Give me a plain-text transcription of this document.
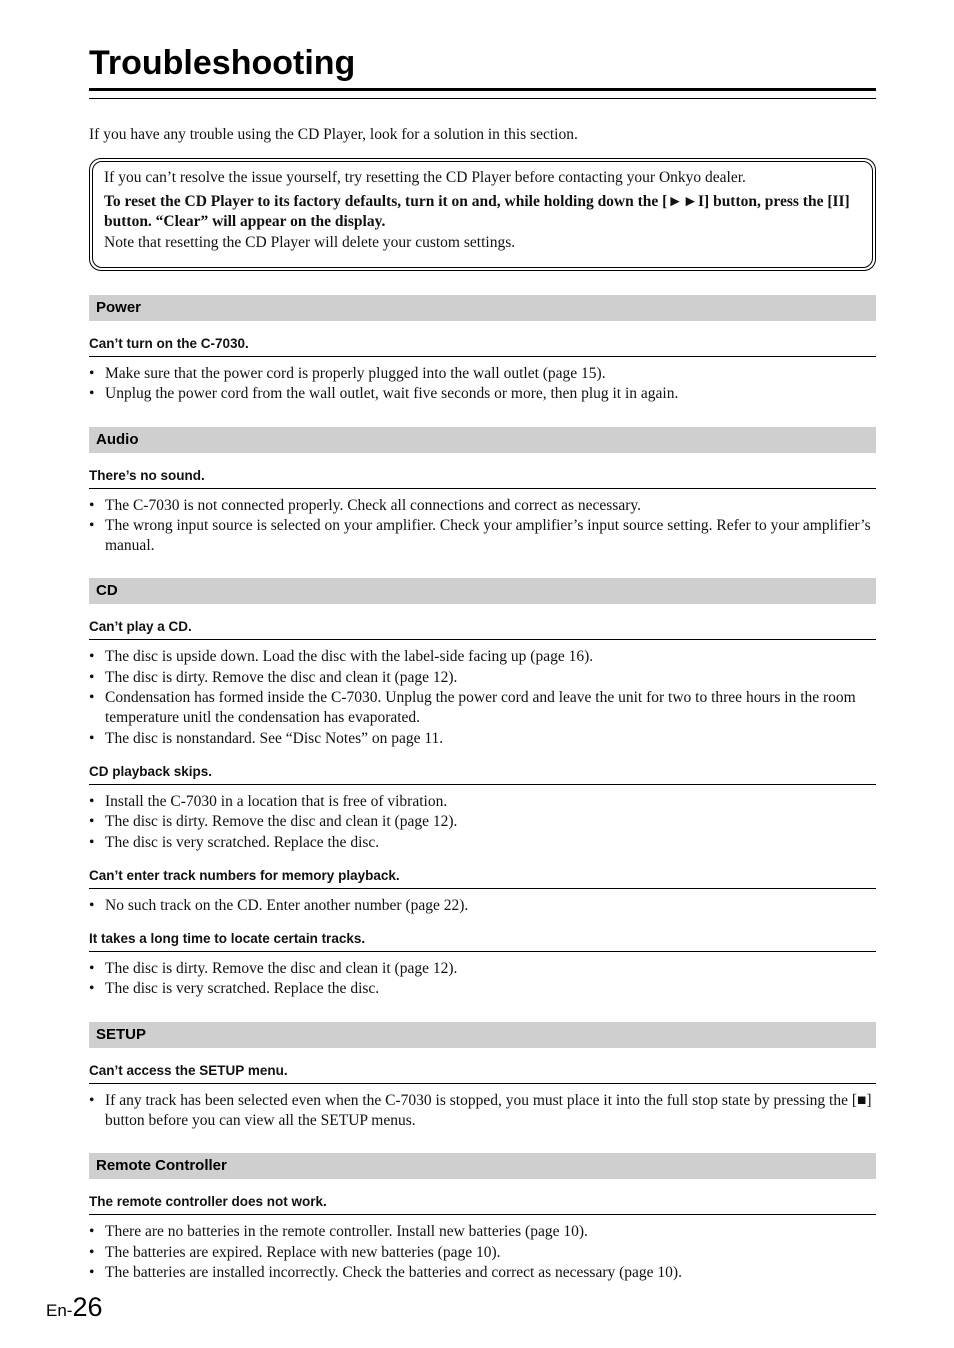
Troubleshooting

If you have any trouble using the CD Player, look for a solution in this section.

If you can’t resolve the issue yourself, try resetting the CD Player before contacting your Onkyo dealer.

To reset the CD Player to its factory defaults, turn it on and, while holding down the [►►I] button, press the [II] button. “Clear” will appear on the display.

Note that resetting the CD Player will delete your custom settings.

Power
Can’t turn on the C-7030.
• Make sure that the power cord is properly plugged into the wall outlet (page 15).
• Unplug the power cord from the wall outlet, wait five seconds or more, then plug it in again.
Audio
There’s no sound.
• The C-7030 is not connected properly. Check all connections and correct as necessary.
• The wrong input source is selected on your amplifier. Check your amplifier’s input source setting. Refer to your amplifier’s manual.
CD
Can’t play a CD.
• The disc is upside down. Load the disc with the label-side facing up (page 16).
• The disc is dirty. Remove the disc and clean it (page 12).
• Condensation has formed inside the C-7030. Unplug the power cord and leave the unit for two to three hours in the room temperature unitl the condensation has evaporated.
• The disc is nonstandard. See “Disc Notes” on page 11.
CD playback skips.
• Install the C-7030 in a location that is free of vibration.
• The disc is dirty. Remove the disc and clean it (page 12).
• The disc is very scratched. Replace the disc.
Can’t enter track numbers for memory playback.
• No such track on the CD. Enter another number (page 22).
It takes a long time to locate certain tracks.
• The disc is dirty. Remove the disc and clean it (page 12).
• The disc is very scratched. Replace the disc.
SETUP
Can’t access the SETUP menu.
• If any track has been selected even when the C-7030 is stopped, you must place it into the full stop state by pressing the [■] button before you can view all the SETUP menus.
Remote Controller
The remote controller does not work.
• There are no batteries in the remote controller. Install new batteries (page 10).
• The batteries are expired. Replace with new batteries (page 10).
• The batteries are installed incorrectly. Check the batteries and correct as necessary (page 10).
En-26
